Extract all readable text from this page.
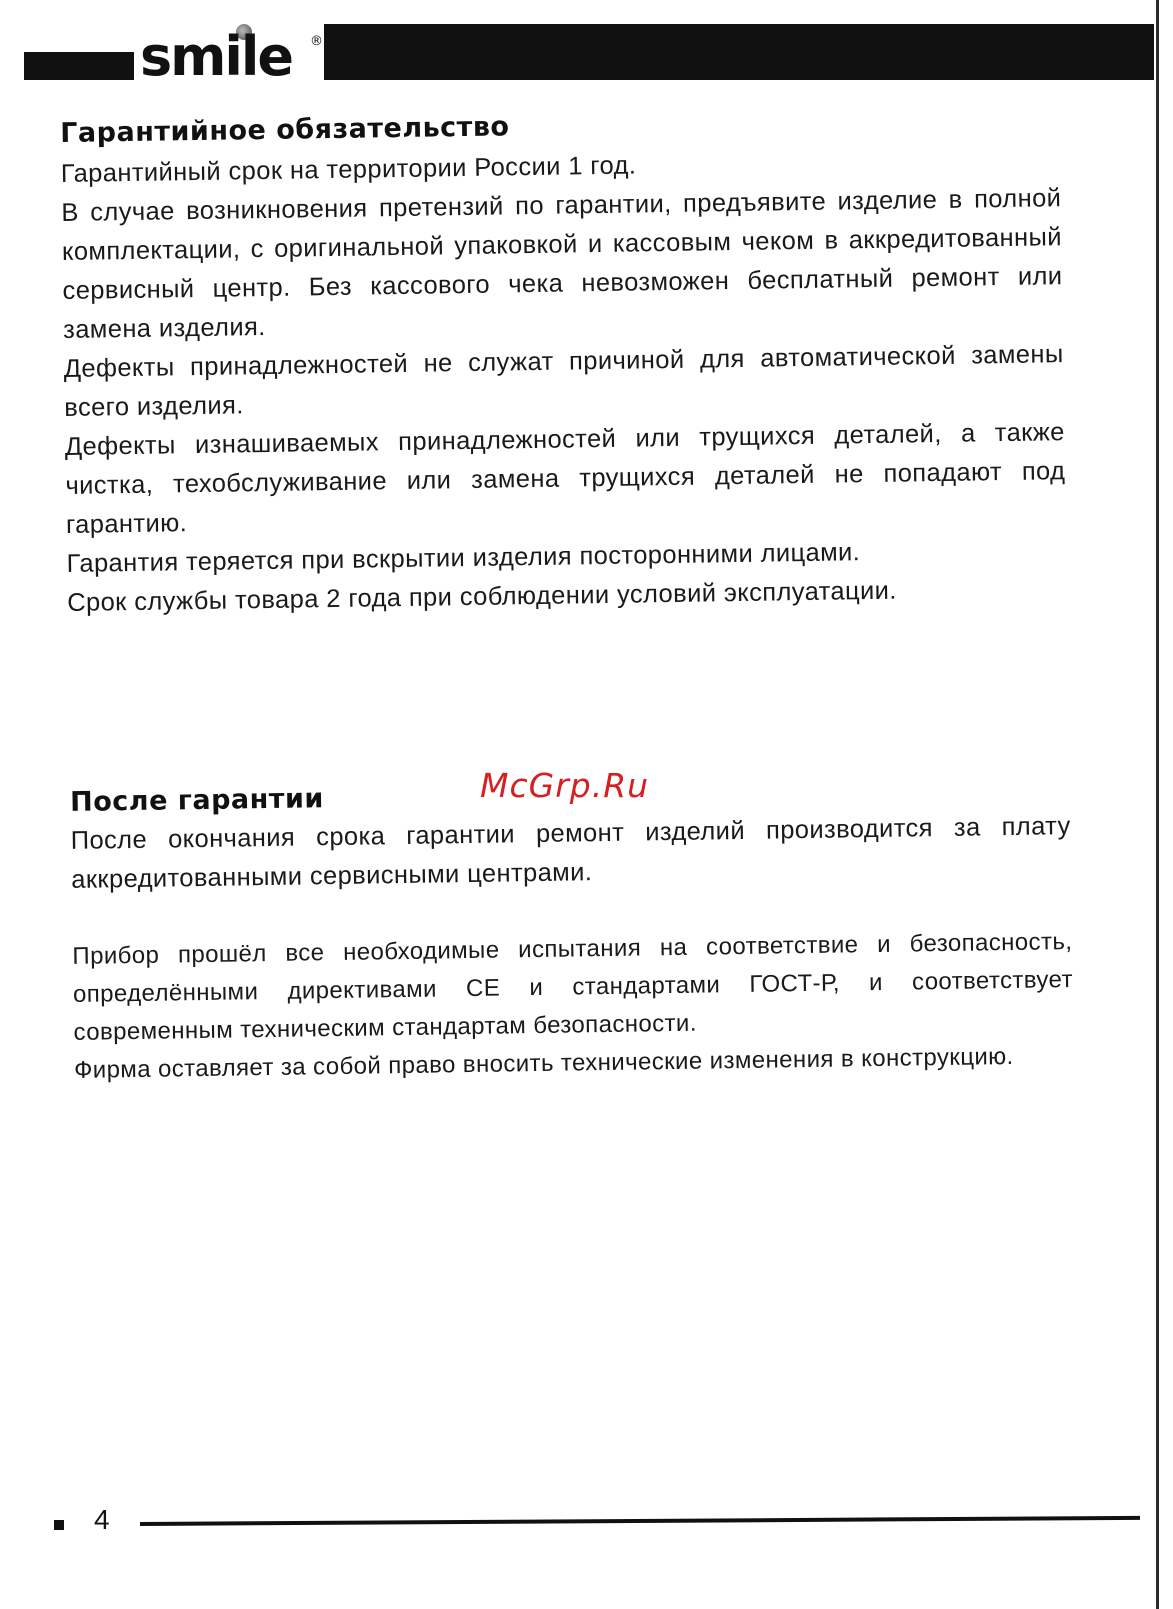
smile ®
Гарантийное обязательство

Гарантийный срок на территории России 1 год.

В случае возникновения претензий по гарантии, предъявите изделие в полной комплектации, с оригинальной упаковкой и кассовым чеком в аккредитованный сервисный центр. Без кассового чека невозможен бесплатный ремонт или замена изделия.

Дефекты принадлежностей не служат причиной для автоматической замены всего изделия.

Дефекты изнашиваемых принадлежностей или трущихся деталей, а также чистка, техобслуживание или замена трущихся деталей не попадают под гарантию.

Гарантия теряется при вскрытии изделия посторонними лицами.

Срок службы товара 2 года при соблюдении условий эксплуатации.

После гарантии

После окончания срока гарантии ремонт изделий производится за плату аккредитованными сервисными центрами.

Прибор прошёл все необходимые испытания на соответствие и безопасность, определёнными директивами CE и стандартами ГОСТ-Р, и соответствует современным техническим стандартам безопасности.

Фирма оставляет за собой право вносить технические изменения в конструкцию.

McGrp.Ru
4
